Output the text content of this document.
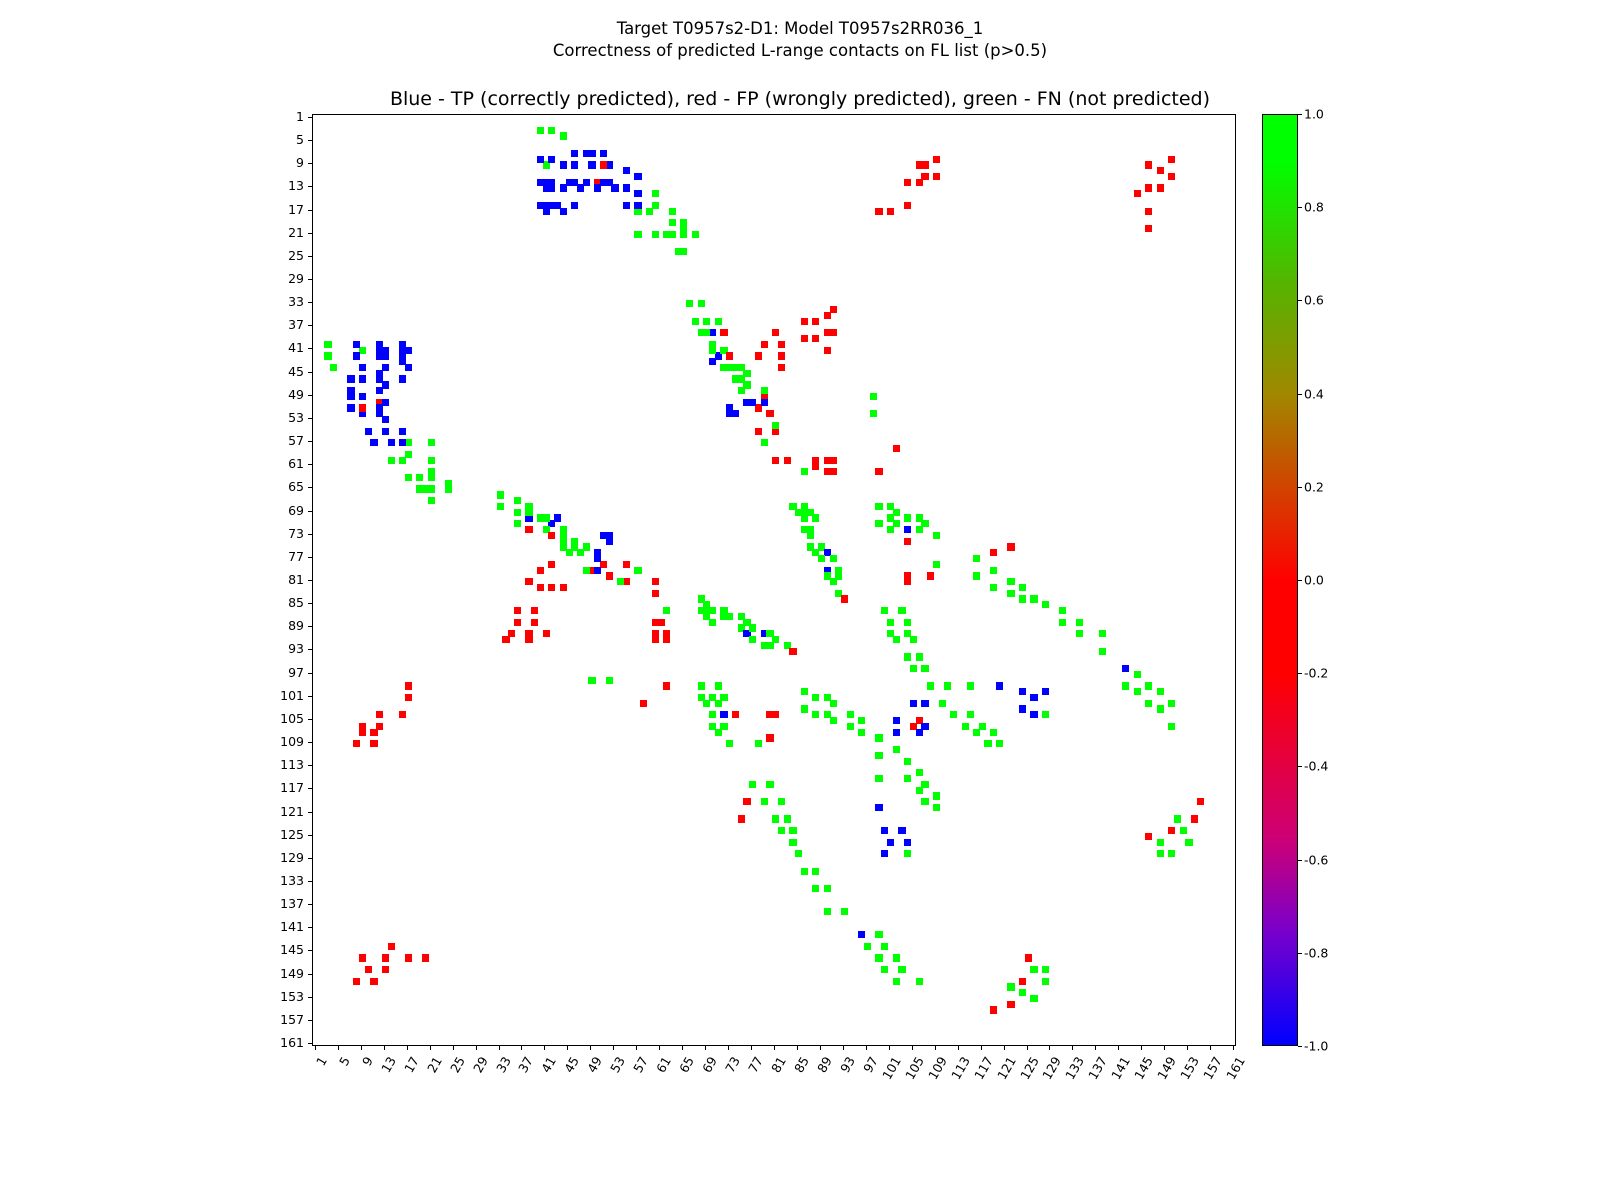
Target T0957s2-D1: Model T0957s2RR036_1
Correctness of predicted L-range contacts on FL list (p>0.5)
Blue - TP (correctly predicted), red - FP (wrongly predicted), green - FN (not predicted)
1
5
9
13
17
21
25
29
33
37
41
45
49
53
57
61
65
69
73
77
81
85
89
93
97
101
105
109
113
117
121
125
129
133
137
141
145
149
153
157
161
1 5 9 13 17 21 25 29 33 37 41 45 49 53 57 61 65 69 73 77 81 85 89 93 97
101
105
109
113
117
121
125
129
133
137
141
145
149
153
157
161
1.0
0.8
0.6
0.4
0.2
0.0
-0.2
-0.4
-0.6
-0.8
-1.0
